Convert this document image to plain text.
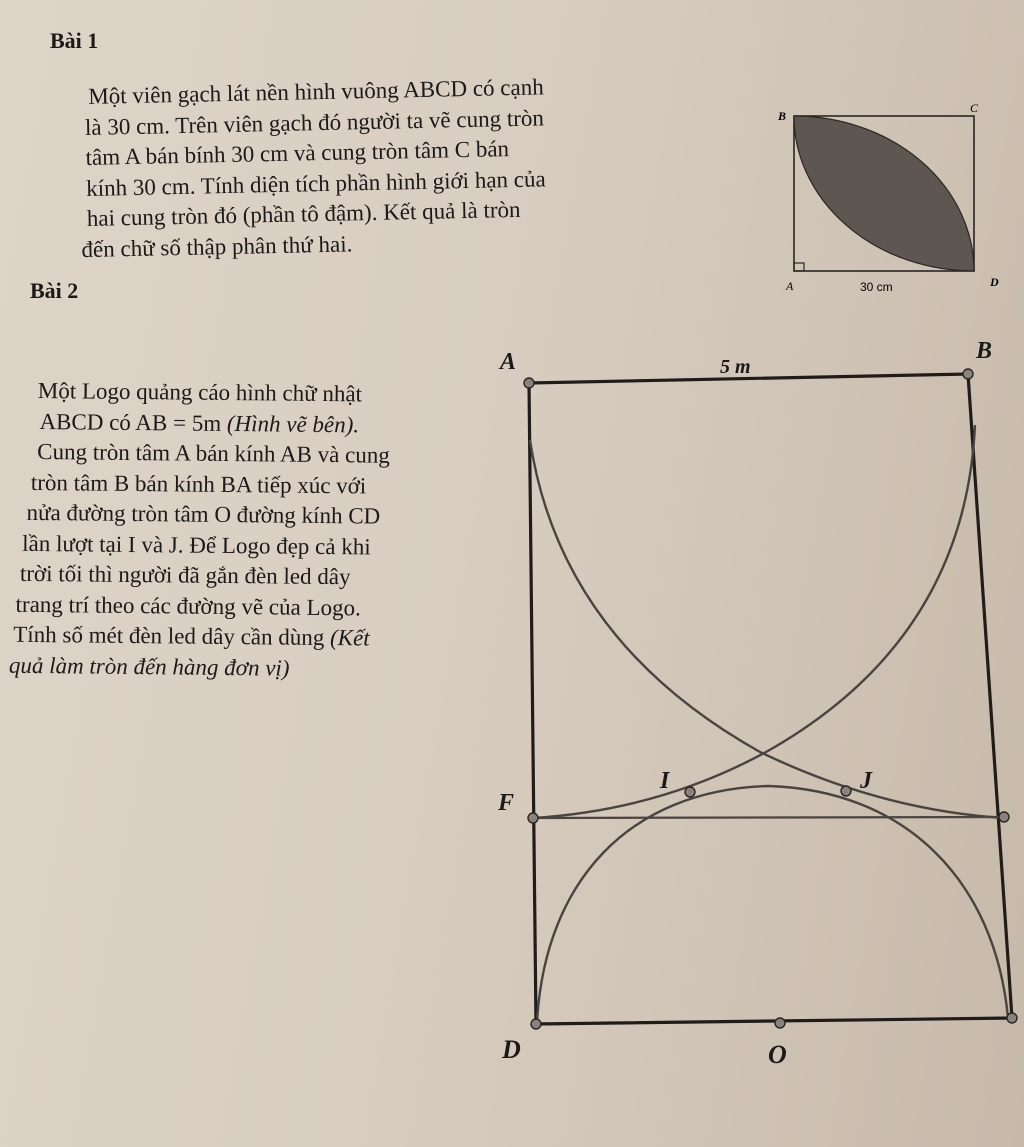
Bài 1
Một viên gạch lát nền hình vuông ABCD có cạnh
là 30 cm. Trên viên gạch đó người ta vẽ cung tròn
tâm A bán bính 30 cm và cung tròn tâm C bán
kính 30 cm. Tính diện tích phần hình giới hạn của
hai cung tròn đó (phần tô đậm). Kết quả là tròn
đến chữ số thập phân thứ hai.
B
C
A	D
30 cm
Bài 2
Một Logo quảng cáo hình chữ nhật
ABCD có AB = 5m (Hình vẽ bên).
Cung tròn tâm A bán kính AB và cung
tròn tâm B bán kính BA tiếp xúc với
nửa đường tròn tâm O đường kính CD
lần lượt tại I và J. Để Logo đẹp cả khi
trời tối thì người đã gắn đèn led dây
trang trí theo các đường vẽ của Logo.
Tính số mét đèn led dây cần dùng (Kết
quả làm tròn đến hàng đơn vị)
A	B
D	O
F
I	J
5 m
